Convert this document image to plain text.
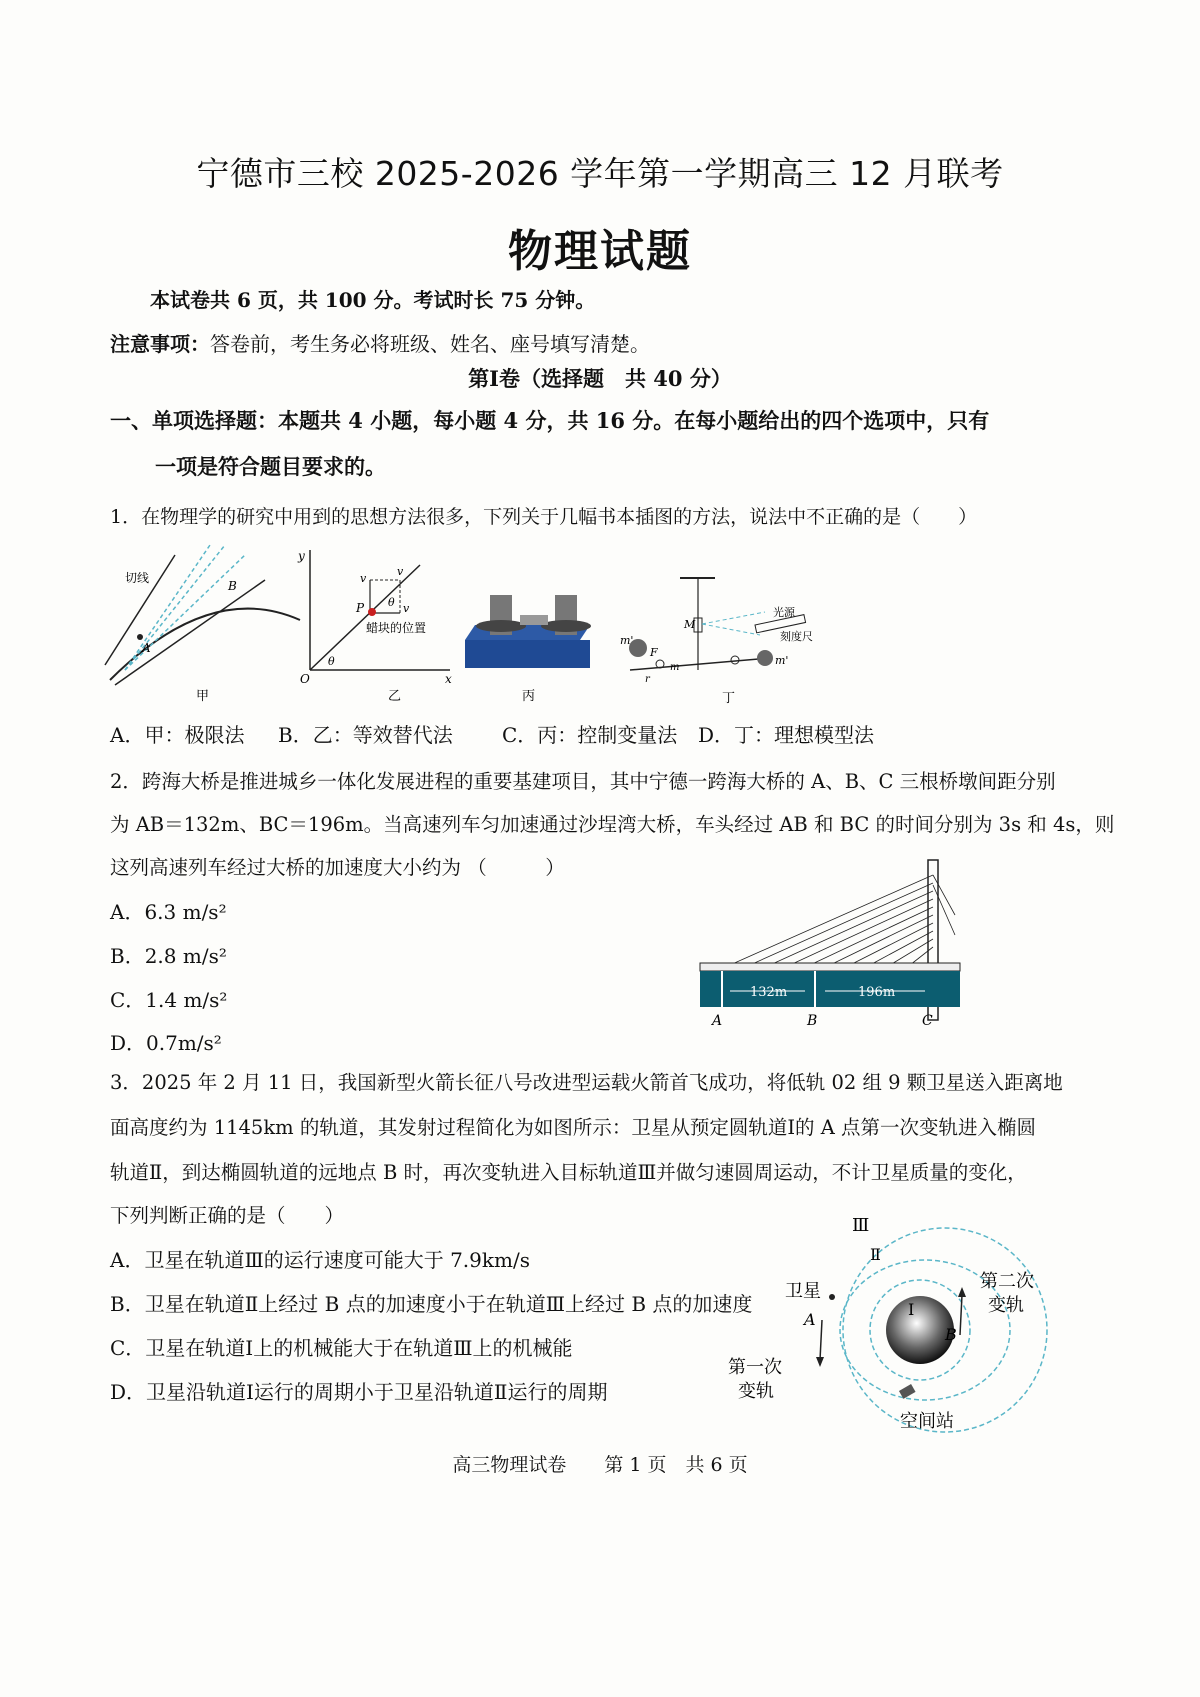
宁德市三校 2025-2026 学年第一学期高三 12 月联考
物理试题
本试卷共 6 页，共 100 分。考试时长 75 分钟。
注意事项：答卷前，考生务必将班级、姓名、座号填写清楚。
第Ⅰ卷（选择题　共 40 分）
一、单项选择题：本题共 4 小题，每小题 4 分，共 16 分。在每小题给出的四个选项中，只有
一项是符合题目要求的。
1．在物理学的研究中用到的思想方法很多，下列关于几幅书本插图的方法，说法中不正确的是（　　）
切线
A
B
甲
y
x
O
P
θ
θ
v
v
v
蜡块的位置
乙	丙
M
光源
刻度尺
m'
m'
m
F
r
丁
A．甲：极限法 B．乙：等效替代法 C．丙：控制变量法 D．丁：理想模型法
2．跨海大桥是推进城乡一体化发展进程的重要基建项目，其中宁德一跨海大桥的 A、B、C 三根桥墩间距分别
为 AB＝132m、BC＝196m。当高速列车匀加速通过沙埕湾大桥，车头经过 AB 和 BC 的时间分别为 3s 和 4s，则
这列高速列车经过大桥的加速度大小约为 （　　　）
A．6.3 m/s²
B．2.8 m/s²
C．1.4 m/s²
D．0.7m/s²
132m	196m
A	B	C
3．2025 年 2 月 11 日，我国新型火箭长征八号改进型运载火箭首飞成功，将低轨 02 组 9 颗卫星送入距离地
面高度约为 1145km 的轨道，其发射过程简化为如图所示：卫星从预定圆轨道Ⅰ的 A 点第一次变轨进入椭圆
轨道Ⅱ，到达椭圆轨道的远地点 B 时，再次变轨进入目标轨道Ⅲ并做匀速圆周运动，不计卫星质量的变化，
下列判断正确的是（　　）
A．卫星在轨道Ⅲ的运行速度可能大于 7.9km/s
B．卫星在轨道Ⅱ上经过 B 点的加速度小于在轨道Ⅲ上经过 B 点的加速度
C．卫星在轨道Ⅰ上的机械能大于在轨道Ⅲ上的机械能
D．卫星沿轨道Ⅰ运行的周期小于卫星沿轨道Ⅱ运行的周期
Ⅲ
Ⅱ
Ⅰ
卫星
A
B
第二次
变轨
第一次
变轨
空间站
高三物理试卷　　第 1 页　共 6 页
